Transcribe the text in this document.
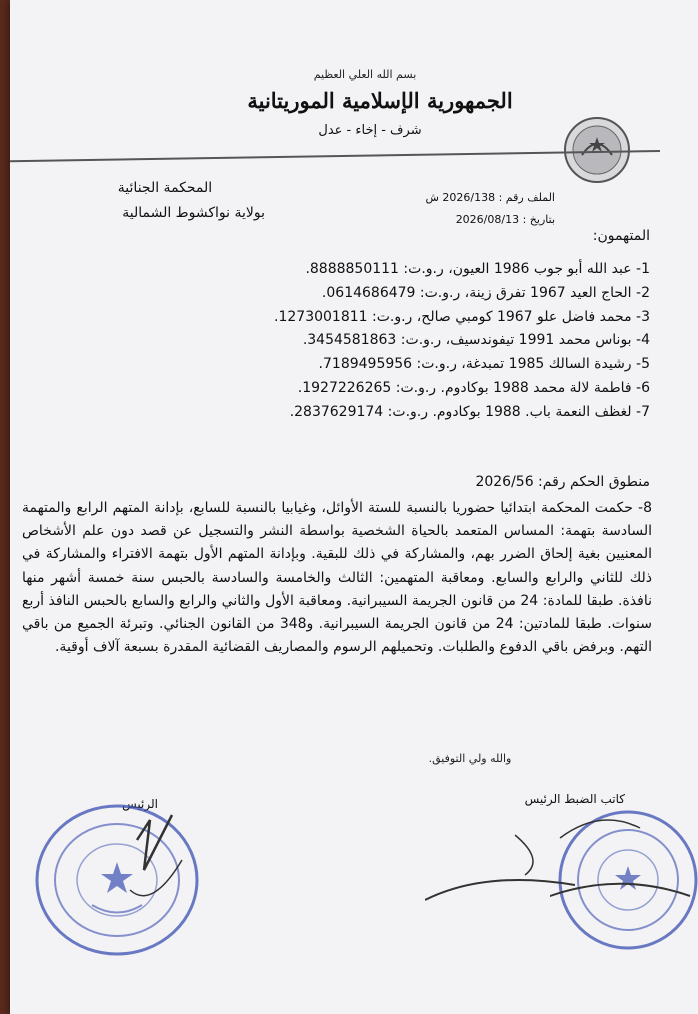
بسم الله العلي العظيم
الجمهورية الإسلامية الموريتانية
شرف - إخاء - عدل
المحكمة الجنائية
بولاية نواكشوط الشمالية
الملف رقم : 2026/138 ش
بتاريخ : 2026/08/13
المتهمون:
1- عبد الله أبو جوب 1986 العيون، ر.و.ت: 8888850111.
2- الحاج العيد 1967 تفرق زينة، ر.و.ت: 0614686479.
3- محمد فاضل علو 1967 كومبي صالح، ر.و.ت: 1273001811.
4- بوناس محمد 1991 تيفوندسيف، ر.و.ت: 3454581863.
5- رشيدة السالك 1985 تمبدغة، ر.و.ت: 7189495956.
6- فاطمة لالة محمد 1988 بوكادوم. ر.و.ت: 1927226265.
7- لغظف النعمة باب. 1988 بوكادوم. ر.و.ت: 2837629174.
منطوق الحكم رقم: 2026/56
8- حكمت المحكمة ابتدائيا حضوريا بالنسبة للستة الأوائل، وغيابيا بالنسبة للسابع، بإدانة المتهم الرابع والمتهمة السادسة بتهمة: المساس المتعمد بالحياة الشخصية بواسطة النشر والتسجيل عن قصد دون علم الأشخاص المعنيين بغية إلحاق الضرر بهم، والمشاركة في ذلك للبقية. وبإدانة المتهم الأول بتهمة الافتراء والمشاركة في ذلك للثاني والرابع والسابع. ومعاقبة المتهمين: الثالث والخامسة والسادسة بالحبس سنة خمسة أشهر منها نافذة. طبقا للمادة: 24 من قانون الجريمة السيبرانية. ومعاقبة الأول والثاني والرابع والسابع بالحبس النافذ أربع سنوات. طبقا للمادتين: 24 من قانون الجريمة السيبرانية. و348 من القانون الجنائي. وتبرئة الجميع من باقي التهم. وبرفض باقي الدفوع والطلبات. وتحميلهم الرسوم والمصاريف القضائية المقدرة بسبعة آلاف أوقية.
والله ولي التوفيق.
الرئيس	كاتب الضبط الرئيس
